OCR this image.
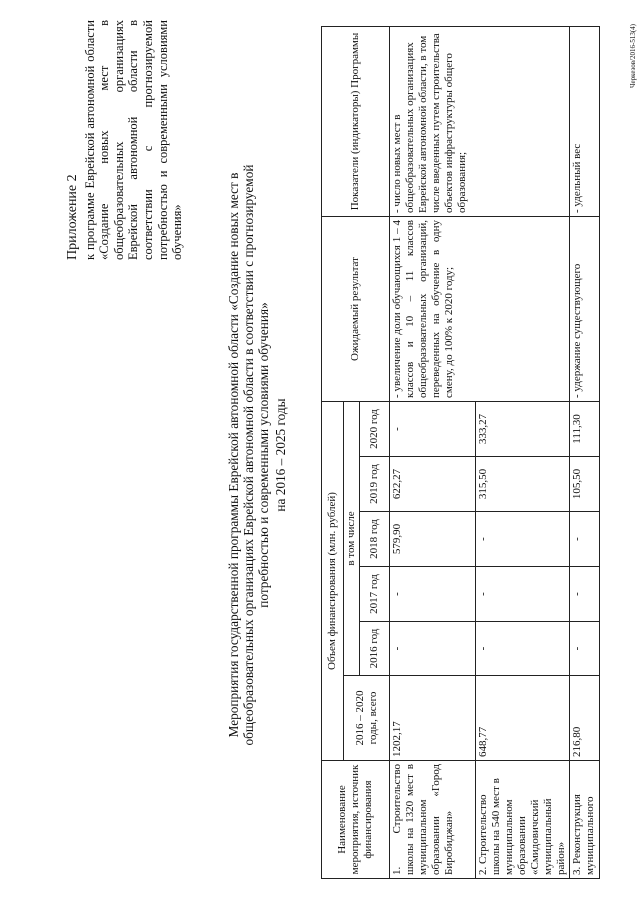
Приложение 2 к программе Еврейской автономной области «Создание новых мест в общеобразовательных организациях Еврейской автономной области в соответствии с прогнозируемой потребностью и современными условиями обучения»	Мероприятия государственной программы Еврейской автономной области «Создание новых мест в общеобразовательных организациях Еврейской автономной области в соответствии с прогнозируемой потребностью и современными условиями обучения» на 2016 – 2025 годы
Наименование мероприятия, источник финансирования	Объем финансирования (млн. рублей)						Ожидаемый результат	Показатели (индикаторы) Программы
	2016 – 2020 годы, всего	в том числе						
		2016 год	2017 год	2018 год	2019 год	2020 год		
1. Строительство школы на 1320 мест в муниципальном образовании «Город Биробиджан»	1202,17	-	-	579,90	622,27	-	- увеличение доли обучающихся 1 – 4 классов и 10 – 11 классов общеобразовательных организаций, переведенных на обучение в одну смену, до 100% к 2020 году;	- число новых мест в общеобразовательных организациях Еврейской автономной области, в том числе введенных путем строительства объектов инфраструктуры общего образования;
2. Строительство школы на 540 мест в муниципальном образовании «Смидовичский муниципальный район»	648,77	-	-	-	315,50	333,27		
3. Реконструкция муниципального	216,80	-	-	-	105,50	111,30	- удержание существующего	- удельный вес
Черкезов/2016-513(4)
